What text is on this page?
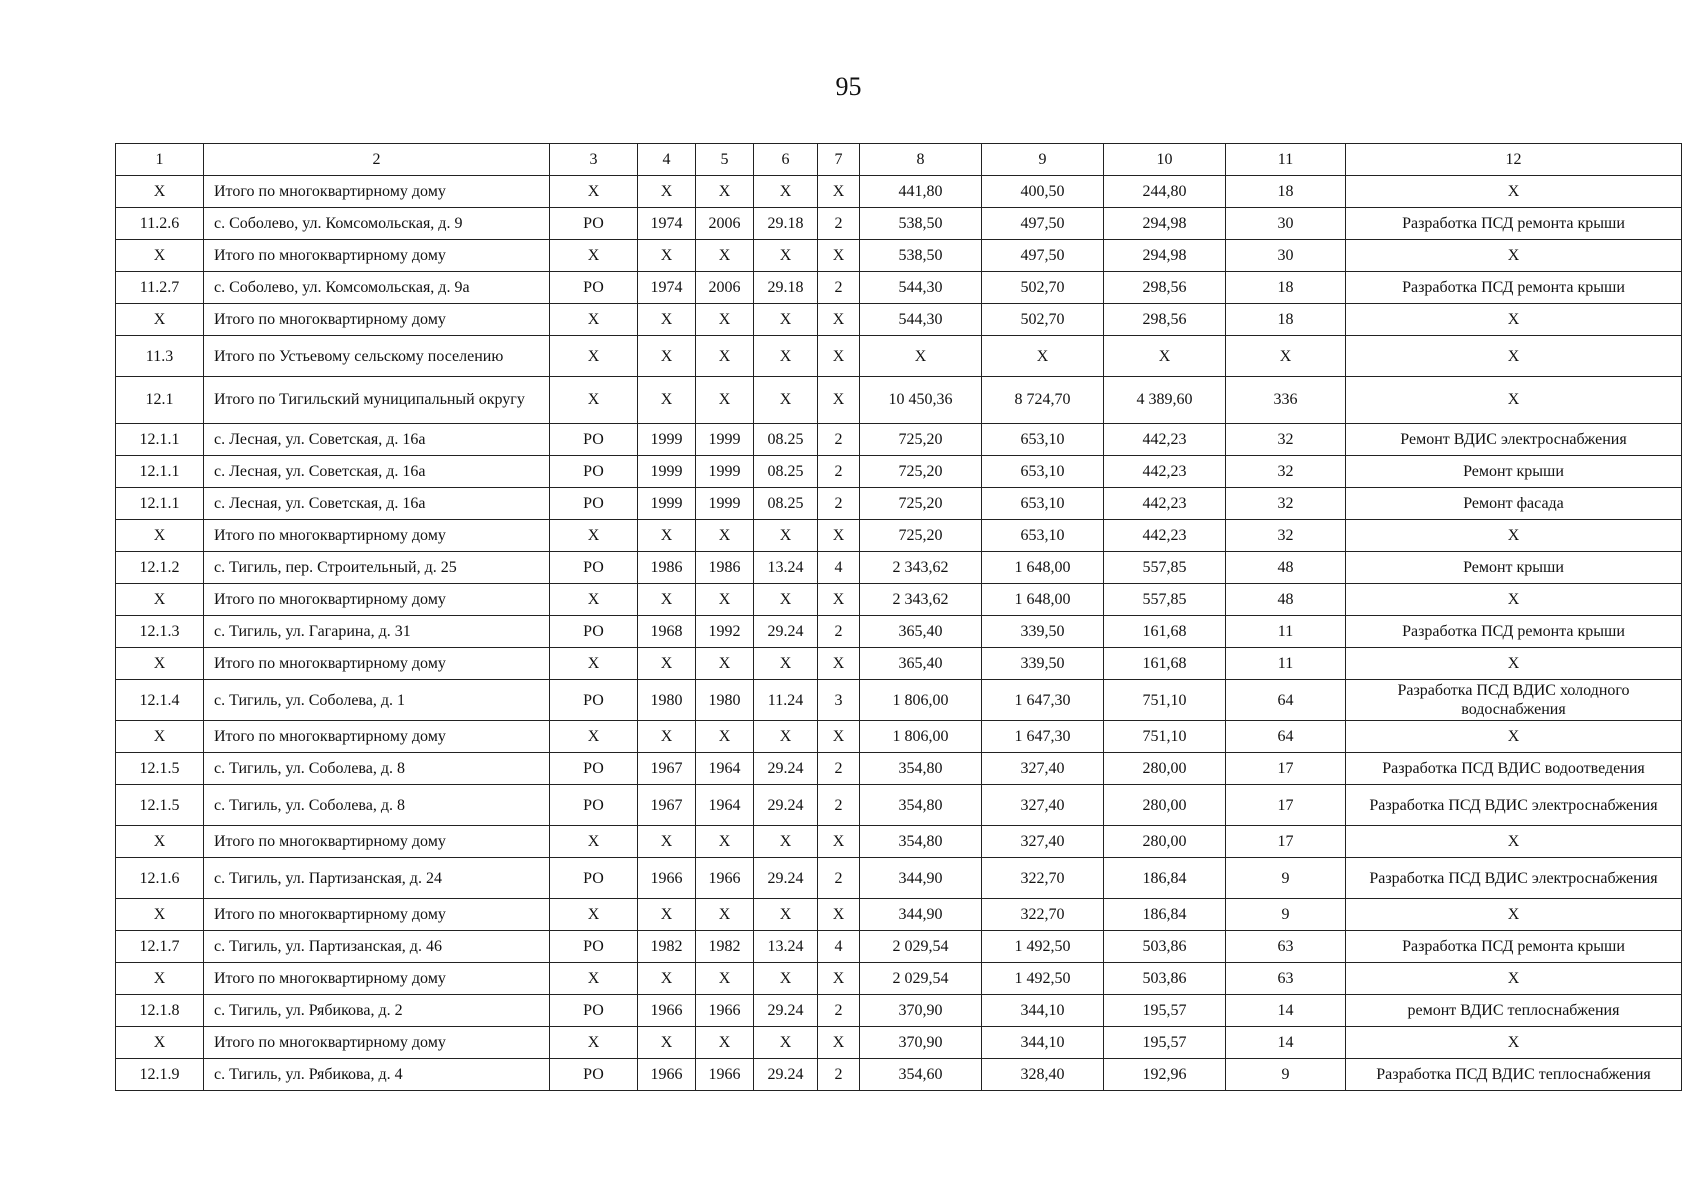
95
1	2	3	4	5	6	7	8	9	10	11	12
Х	Итого по многоквартирному дому	Х	Х	Х	Х	Х	441,80	400,50	244,80	18	Х
11.2.6	с. Соболево, ул. Комсомольская, д. 9	РО	1974	2006	29.18	2	538,50	497,50	294,98	30	Разработка ПСД ремонта крыши
Х	Итого по многоквартирному дому	Х	Х	Х	Х	Х	538,50	497,50	294,98	30	Х
11.2.7	с. Соболево, ул. Комсомольская, д. 9а	РО	1974	2006	29.18	2	544,30	502,70	298,56	18	Разработка ПСД ремонта крыши
Х	Итого по многоквартирному дому	Х	Х	Х	Х	Х	544,30	502,70	298,56	18	Х
11.3	Итого по Устьевому сельскому поселению	Х	Х	Х	Х	Х	Х	Х	Х	Х	Х
12.1	Итого по Тигильский муниципальный округу	Х	Х	Х	Х	Х	10 450,36	8 724,70	4 389,60	336	Х
12.1.1	с. Лесная, ул. Советская, д. 16а	РО	1999	1999	08.25	2	725,20	653,10	442,23	32	Ремонт ВДИС электроснабжения
12.1.1	с. Лесная, ул. Советская, д. 16а	РО	1999	1999	08.25	2	725,20	653,10	442,23	32	Ремонт крыши
12.1.1	с. Лесная, ул. Советская, д. 16а	РО	1999	1999	08.25	2	725,20	653,10	442,23	32	Ремонт фасада
Х	Итого по многоквартирному дому	Х	Х	Х	Х	Х	725,20	653,10	442,23	32	Х
12.1.2	с. Тигиль, пер. Строительный, д. 25	РО	1986	1986	13.24	4	2 343,62	1 648,00	557,85	48	Ремонт крыши
Х	Итого по многоквартирному дому	Х	Х	Х	Х	Х	2 343,62	1 648,00	557,85	48	Х
12.1.3	с. Тигиль, ул. Гагарина, д. 31	РО	1968	1992	29.24	2	365,40	339,50	161,68	11	Разработка ПСД ремонта крыши
Х	Итого по многоквартирному дому	Х	Х	Х	Х	Х	365,40	339,50	161,68	11	Х
12.1.4	с. Тигиль, ул. Соболева, д. 1	РО	1980	1980	11.24	3	1 806,00	1 647,30	751,10	64	Разработка ПСД ВДИС холодного водоснабжения
Х	Итого по многоквартирному дому	Х	Х	Х	Х	Х	1 806,00	1 647,30	751,10	64	Х
12.1.5	с. Тигиль, ул. Соболева, д. 8	РО	1967	1964	29.24	2	354,80	327,40	280,00	17	Разработка ПСД ВДИС водоотведения
12.1.5	с. Тигиль, ул. Соболева, д. 8	РО	1967	1964	29.24	2	354,80	327,40	280,00	17	Разработка ПСД ВДИС электроснабжения
Х	Итого по многоквартирному дому	Х	Х	Х	Х	Х	354,80	327,40	280,00	17	Х
12.1.6	с. Тигиль, ул. Партизанская, д. 24	РО	1966	1966	29.24	2	344,90	322,70	186,84	9	Разработка ПСД ВДИС электроснабжения
Х	Итого по многоквартирному дому	Х	Х	Х	Х	Х	344,90	322,70	186,84	9	Х
12.1.7	с. Тигиль, ул. Партизанская, д. 46	РО	1982	1982	13.24	4	2 029,54	1 492,50	503,86	63	Разработка ПСД ремонта крыши
Х	Итого по многоквартирному дому	Х	Х	Х	Х	Х	2 029,54	1 492,50	503,86	63	Х
12.1.8	с. Тигиль, ул. Рябикова, д. 2	РО	1966	1966	29.24	2	370,90	344,10	195,57	14	ремонт ВДИС теплоснабжения
Х	Итого по многоквартирному дому	Х	Х	Х	Х	Х	370,90	344,10	195,57	14	Х
12.1.9	с. Тигиль, ул. Рябикова, д. 4	РО	1966	1966	29.24	2	354,60	328,40	192,96	9	Разработка ПСД ВДИС теплоснабжения
